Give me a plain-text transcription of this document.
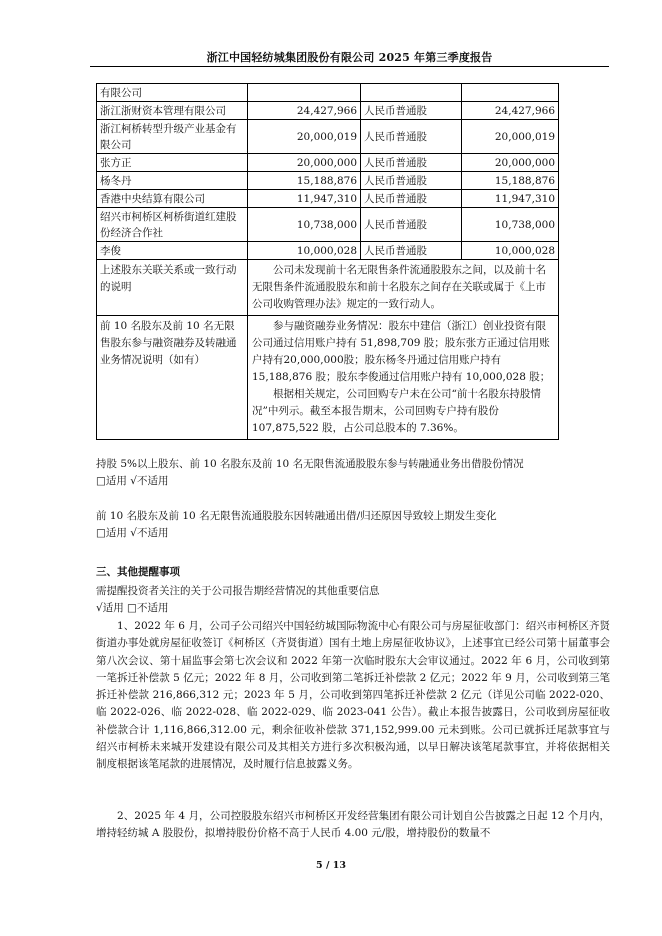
浙江中国轻纺城集团股份有限公司 2025 年第三季度报告
有限公司			
浙江浙财资本管理有限公司	24,427,966	人民币普通股	24,427,966
浙江柯桥转型升级产业基金有限公司	20,000,019	人民币普通股	20,000,019
张方正	20,000,000	人民币普通股	20,000,000
杨冬丹	15,188,876	人民币普通股	15,188,876
香港中央结算有限公司	11,947,310	人民币普通股	11,947,310
绍兴市柯桥区柯桥街道红建股份经济合作社	10,738,000	人民币普通股	10,738,000
李俊	10,000,028	人民币普通股	10,000,028
上述股东关联关系或一致行动的说明	公司未发现前十名无限售条件流通股股东之间，以及前十名无限售条件流通股股东和前十名股东之间存在关联或属于《上市公司收购管理办法》规定的一致行动人。		
前 10 名股东及前 10 名无限售股东参与融资融券及转融通业务情况说明（如有）	参与融资融券业务情况：股东中建信（浙江）创业投资有限公司通过信用账户持有 51,898,709 股；股东张方正通过信用账户持有20,000,000股；股东杨冬丹通过信用账户持有 15,188,876 股；股东李俊通过信用账户持有 10,000,028 股；

根据相关规定，公司回购专户未在公司“前十名股东持股情况”中列示。截至本报告期末，公司回购专户持有股份 107,875,522 股，占公司总股本的 7.36%。		

持股 5%以上股东、前 10 名股东及前 10 名无限售流通股股东参与转融通业务出借股份情况
□适用 √不适用
前 10 名股东及前 10 名无限售流通股股东因转融通出借/归还原因导致较上期发生变化
□适用 √不适用
三、其他提醒事项
需提醒投资者关注的关于公司报告期经营情况的其他重要信息
√适用 □不适用

1、2022 年 6 月，公司子公司绍兴中国轻纺城国际物流中心有限公司与房屋征收部门：绍兴市柯桥区齐贤街道办事处就房屋征收签订《柯桥区（齐贤街道）国有土地上房屋征收协议》，上述事宜已经公司第十届董事会第八次会议、第十届监事会第七次会议和 2022 年第一次临时股东大会审议通过。2022 年 6 月，公司收到第一笔拆迁补偿款 5 亿元；2022 年 8 月，公司收到第二笔拆迁补偿款 2 亿元；2022 年 9 月，公司收到第三笔拆迁补偿款 216,866,312 元；2023 年 5 月，公司收到第四笔拆迁补偿款 2 亿元（详见公司临 2022-020、临 2022-026、临 2022-028、临 2022-029、临 2023-041 公告）。截止本报告披露日，公司收到房屋征收补偿款合计 1,116,866,312.00 元，剩余征收补偿款 371,152,999.00 元未到账。公司已就拆迁尾款事宜与绍兴市柯桥未来城开发建设有限公司及其相关方进行多次积极沟通，以早日解决该笔尾款事宜，并将依据相关制度根据该笔尾款的进展情况，及时履行信息披露义务。

2、2025 年 4 月，公司控股股东绍兴市柯桥区开发经营集团有限公司计划自公告披露之日起 12 个月内，增持轻纺城 A 股股份，拟增持股份价格不高于人民币 4.00 元/股，增持股份的数量不

5 / 13
